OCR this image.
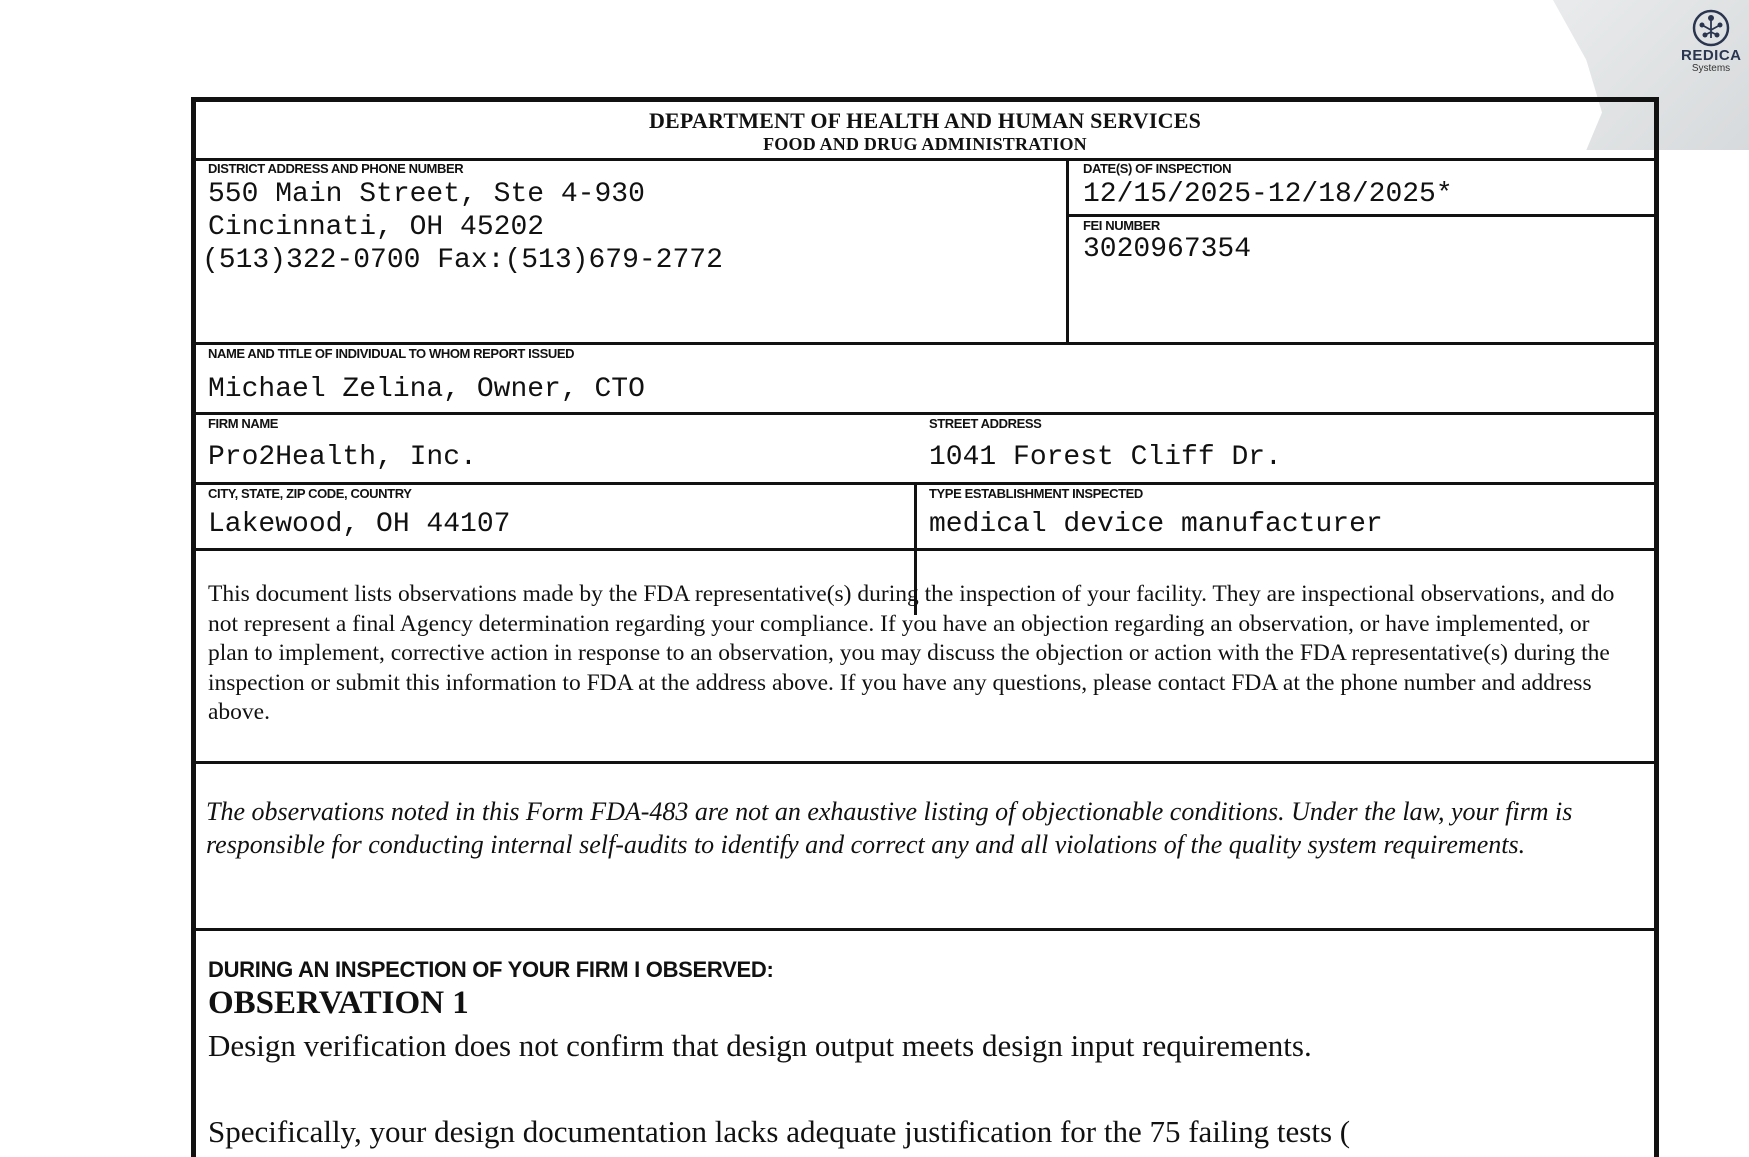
REDICA
Systems
DEPARTMENT OF HEALTH AND HUMAN SERVICES
FOOD AND DRUG ADMINISTRATION
DISTRICT ADDRESS AND PHONE NUMBER
550 Main Street, Ste 4-930
Cincinnati, OH 45202
(513)322-0700 Fax:(513)679-2772
DATE(S) OF INSPECTION
12/15/2025-12/18/2025*
FEI NUMBER
3020967354
NAME AND TITLE OF INDIVIDUAL TO WHOM REPORT ISSUED
Michael Zelina, Owner, CTO
FIRM NAME
Pro2Health, Inc.
STREET ADDRESS
1041 Forest Cliff Dr.
CITY, STATE, ZIP CODE, COUNTRY
Lakewood, OH 44107
TYPE ESTABLISHMENT INSPECTED
medical device manufacturer
This document lists observations made by the FDA representative(s) during the inspection of your facility. They are inspectional observations, and do not represent a final Agency determination regarding your compliance. If you have an objection regarding an observation, or have implemented, or plan to implement, corrective action in response to an observation, you may discuss the objection or action with the FDA representative(s) during the inspection or submit this information to FDA at the address above. If you have any questions, please contact FDA at the phone number and address above.
The observations noted in this Form FDA-483 are not an exhaustive listing of objectionable conditions. Under the law, your firm is responsible for conducting internal self-audits to identify and correct any and all violations of the quality system requirements.
DURING AN INSPECTION OF YOUR FIRM I OBSERVED:
OBSERVATION 1
Design verification does not confirm that design output meets design input requirements.
Specifically, your design documentation lacks adequate justification for the 75 failing tests (
